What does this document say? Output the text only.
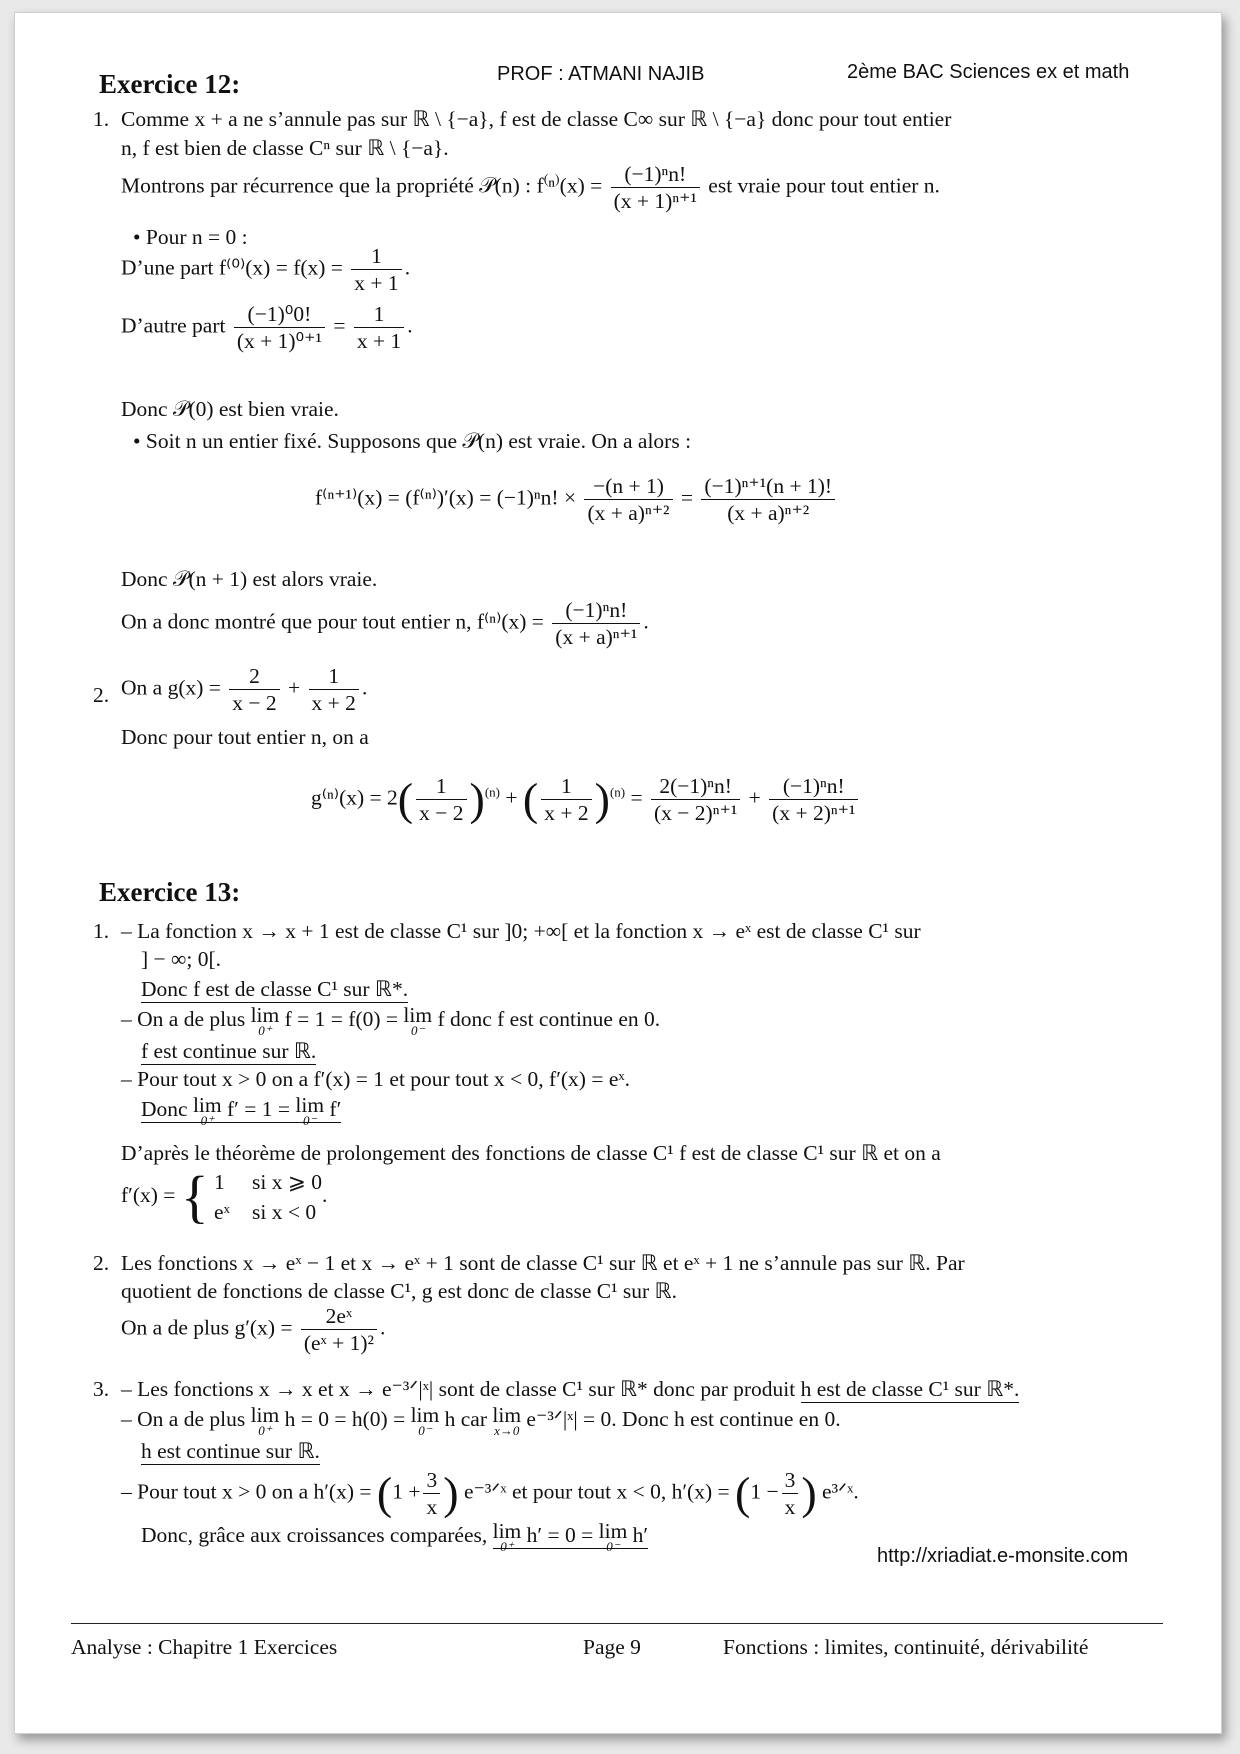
PROF : ATMANI NAJIB	2ème BAC Sciences ex et math
Exercice 12:
1. Comme x + a ne s’annule pas sur ℝ \ {−a}, f est de classe C∞ sur ℝ \ {−a} donc pour tout entier
n, f est bien de classe Cⁿ sur ℝ \ {−a}.
Montrons par récurrence que la propriété 𝒫(n) : $f^{(n)}(x) = \frac{\text{(−1)ⁿn!}}{\text{(x + 1)ⁿ⁺¹}}$ est vraie pour tout entier n.
• Pour n = 0 :
D’une part $f^{(0)}(x) = f(x) = \frac{1}{x + 1}$ .
D’autre part $\frac{\text{(−1)⁰0!}}{\text{(x + 1)⁰⁺¹}} = \frac{1}{x + 1}$ .
Donc 𝒫(0) est bien vraie.
• Soit n un entier fixé. Supposons que 𝒫(n) est vraie. On a alors :
f⁽ⁿ⁺¹⁾(x) = (f⁽ⁿ⁾)′(x) = (−1)ⁿn! × $\frac{-(n + 1)}{\text{(x + a)ⁿ⁺²}} = \frac{\text{(−1)ⁿ⁺¹(n + 1)!}}{\text{(x + a)ⁿ⁺²}}$
Donc 𝒫(n + 1) est alors vraie.
On a donc montré que pour tout entier n, $f^{(n)}(x) = \frac{\text{(−1)ⁿn!}}{\text{(x + a)ⁿ⁺¹}}$ .
2. On a $g(x) = \frac{2}{x - 2} + \frac{1}{x + 2}$ .
Donc pour tout entier n, on a
$g^{(n)}(x) = 2( \frac{1}{x - 2} )^{(n)}$ + ( $\frac{1}{x + 2} )^{(n)} = \frac{\text{2(−1)ⁿn!}}{\text{(x − 2)ⁿ⁺¹}} + \frac{\text{(−1)ⁿn!}}{\text{(x + 2)ⁿ⁺¹}}$
Exercice 13:
1. – La fonction x → x + 1 est de classe C¹ sur ]0; +∞[ et la fonction x → eˣ est de classe C¹ sur
] − ∞; 0[.
Donc f est de classe C¹ sur ℝ*.
– On a de plus lim
0⁺ f = 1 = f(0) = lim
0⁻ f donc f est continue en 0.
f est continue sur ℝ.
– Pour tout x > 0 on a f′(x) = 1 et pour tout x < 0, f′(x) = eˣ.
Donc lim
0⁺ f′ = 1 = lim
0⁻ f′
D’après le théorème de prolongement des fonctions de classe C¹ f est de classe C¹ sur ℝ et on a
f′(x) = { 1 si x ⩾ 0
eˣ si x < 0
.
2. Les fonctions x → eˣ − 1 et x → eˣ + 1 sont de classe C¹ sur ℝ et eˣ + 1 ne s’annule pas sur ℝ. Par
quotient de fonctions de classe C¹, g est donc de classe C¹ sur ℝ.
On a de plus $g'(x) = \frac{\text{2eˣ}}{\text{(eˣ + 1)²}}$ .
3. – Les fonctions x → x et x → e⁻³ᐟ|ˣ| sont de classe C¹ sur ℝ* donc par produit h est de classe C¹ sur ℝ*.
– On a de plus lim
0⁺ h = 0 = h(0) = lim
0⁻ h car lim
x→0 e⁻³ᐟ|ˣ| = 0. Donc h est continue en 0.
h est continue sur ℝ.
– Pour tout x > 0 on a $h'(x) = (1 + \frac{3}{x}$ ) e⁻³ᐟˣ et pour tout x < 0, $h'(x) = (1 - \frac{3}{x}$ ) e³ᐟˣ.
Donc, grâce aux croissances comparées, lim
0⁺ h′ = 0 = lim
0⁻ h′
http://xriadiat.e-monsite.com
Analyse : Chapitre 1 Exercices	Page 9	Fonctions : limites, continuité, dérivabilité
